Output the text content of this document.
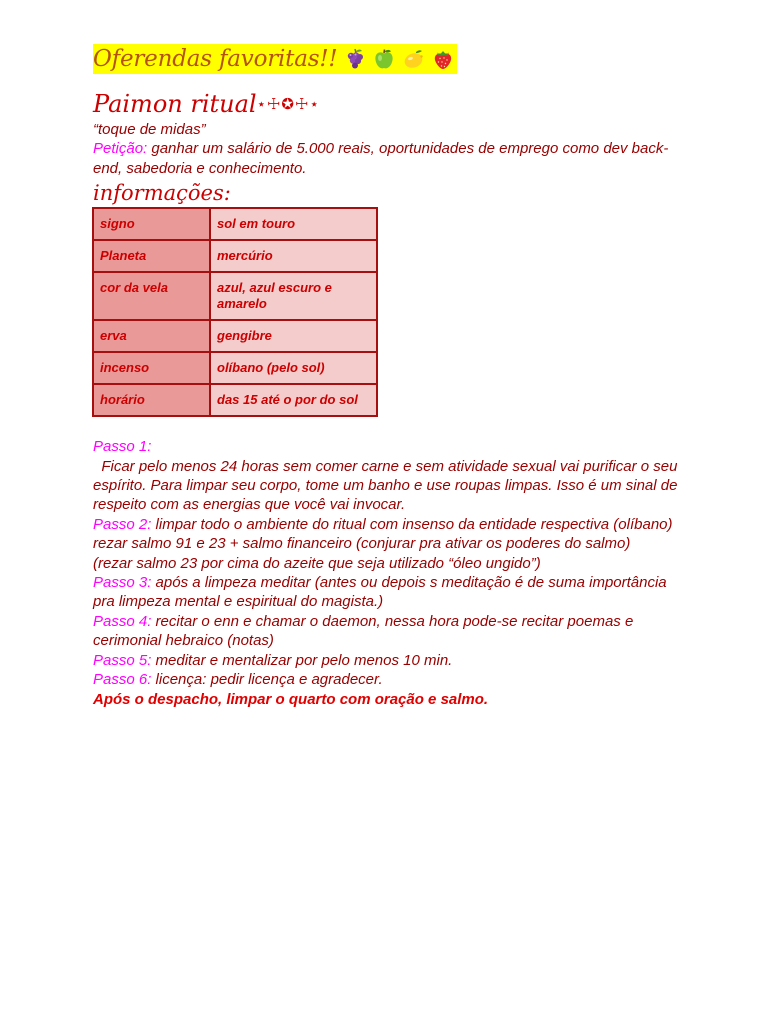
Oferendas favoritas!!
Paimon ritual⋆☩✪☩⋆
“toque de midas”
Petição: ganhar um salário de 5.000 reais, oportunidades de emprego como dev back-end, sabedoria e conhecimento.
informações:
signo	sol em touro
Planeta	mercúrio
cor da vela	azul, azul escuro e amarelo
erva	gengibre
incenso	olíbano (pelo sol)
horário	das 15 até o por do sol

Passo 1:

Ficar pelo menos 24 horas sem comer carne e sem atividade sexual vai purificar o seu espírito. Para limpar seu corpo, tome um banho e use roupas limpas. Isso é um sinal de respeito com as energias que você vai invocar.

Passo 2: limpar todo o ambiente do ritual com insenso da entidade respectiva (olíbano) rezar salmo 91 e 23 + salmo financeiro (conjurar pra ativar os poderes do salmo)

(rezar salmo 23 por cima do azeite que seja utilizado “óleo ungido”)

Passo 3: após a limpeza meditar (antes ou depois s meditação é de suma importância pra limpeza mental e espiritual do magista.)

Passo 4: recitar o enn e chamar o daemon, nessa hora pode-se recitar poemas e cerimonial hebraico (notas)

Passo 5: meditar e mentalizar por pelo menos 10 min.

Passo 6: licença: pedir licença e agradecer.

Após o despacho, limpar o quarto com oração e salmo.
